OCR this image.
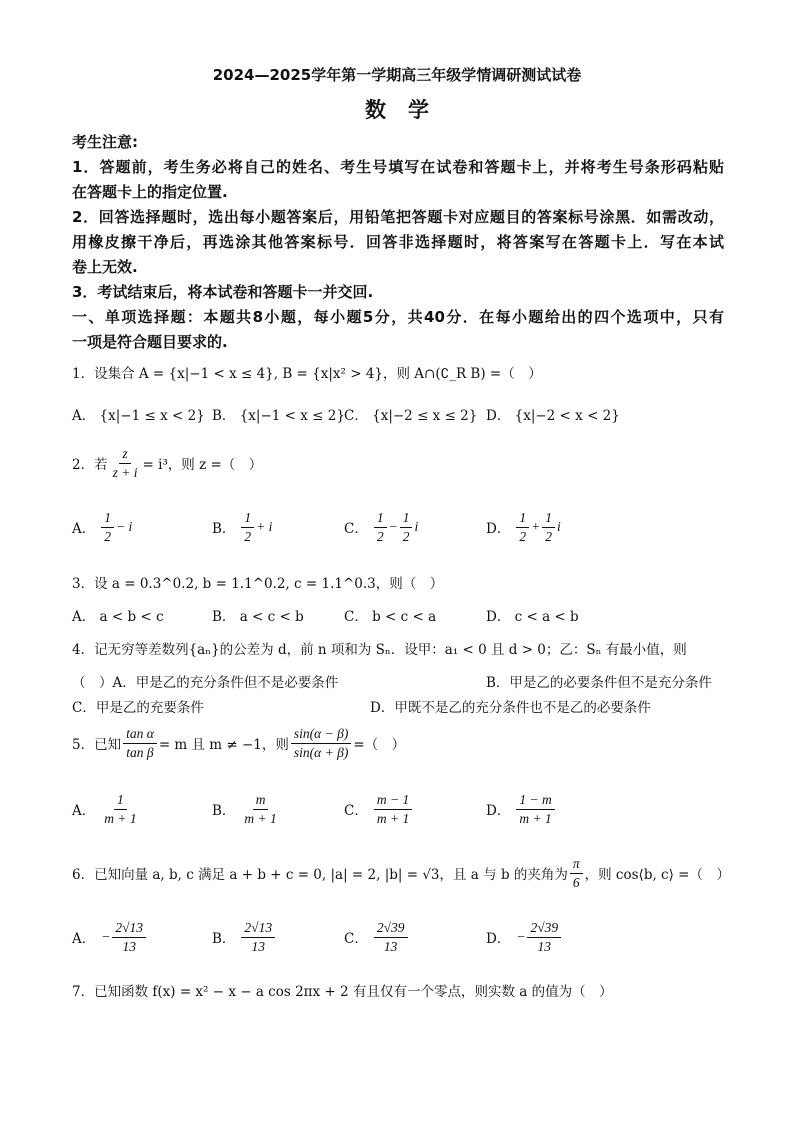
2024—2025学年第一学期高三年级学情调研测试试卷
数学
考生注意:
1．答题前，考生务必将自己的姓名、考生号填写在试卷和答题卡上，并将考生号条形码粘贴
在答题卡上的指定位置.
2．回答选择题时，选出每小题答案后，用铅笔把答题卡对应题目的答案标号涂黑．如需改动，
用橡皮擦干净后，再选涂其他答案标号．回答非选择题时，将答案写在答题卡上．写在本试
卷上无效.
3．考试结束后，将本试卷和答题卡一并交回.
一、单项选择题：本题共8小题，每小题5分，共40分．在每小题给出的四个选项中，只有
一项是符合题目要求的.
1．设集合 A = {x|−1 < x ≤ 4}, B = {x|x² > 4}，则 A∩(∁_R B) =（　）
A． {x|−1 ≤ x < 2} B． {x|−1 < x ≤ 2} C． {x|−2 ≤ x ≤ 2} D． {x|−2 < x < 2}
2．若 $\frac{z}{z + i} = i^3$，则 z =（　）
A． $\frac{1}{2} - i$	B． $\frac{1}{2} + i$	C． $\frac{1}{2} - \frac{1}{2}$ i	D． $\frac{1}{2} + \frac{1}{2}$ i
3．设 a = 0.3^0.2, b = 1.1^0.2, c = 1.1^0.3，则（　）
A． a < b < c	B． a < c < b	C． b < c < a	D． c < a < b
4．记无穷等差数列{aₙ}的公差为 d，前 n 项和为 Sₙ．设甲：a₁ < 0 且 d > 0；乙：Sₙ 有最小值，则
（　）A．甲是乙的充分条件但不是必要条件	B．甲是乙的必要条件但不是充分条件
C．甲是乙的充要条件	D．甲既不是乙的充分条件也不是乙的必要条件
5．已知 $\frac{\text{tan α}}{\text{tan β}} = m$ 且 m ≠ −1，则 $\frac{\sin(\alpha - \beta)}{\sin(\alpha + \beta)}$ =（　）
A． $\frac{1}{m + 1}$	B． $\frac{m}{m + 1}$	C． $\frac{m - 1}{m + 1}$	D． $\frac{1 - m}{m + 1}$
6．已知向量 a, b, c 满足 a + b + c = 0, |a| = 2, |b| = √3，且 a 与 b 的夹角为 $\frac{\pi}{6}$ ，则 cos⟨b, c⟩ =（　）
A． − $\frac{2√13}{13}$	B． $\frac{2√13}{13}$	C． $\frac{2√39}{13}$	D． − $\frac{2√39}{13}$
7．已知函数 f(x) = x² − x − a cos 2πx + 2 有且仅有一个零点，则实数 a 的值为（　）
